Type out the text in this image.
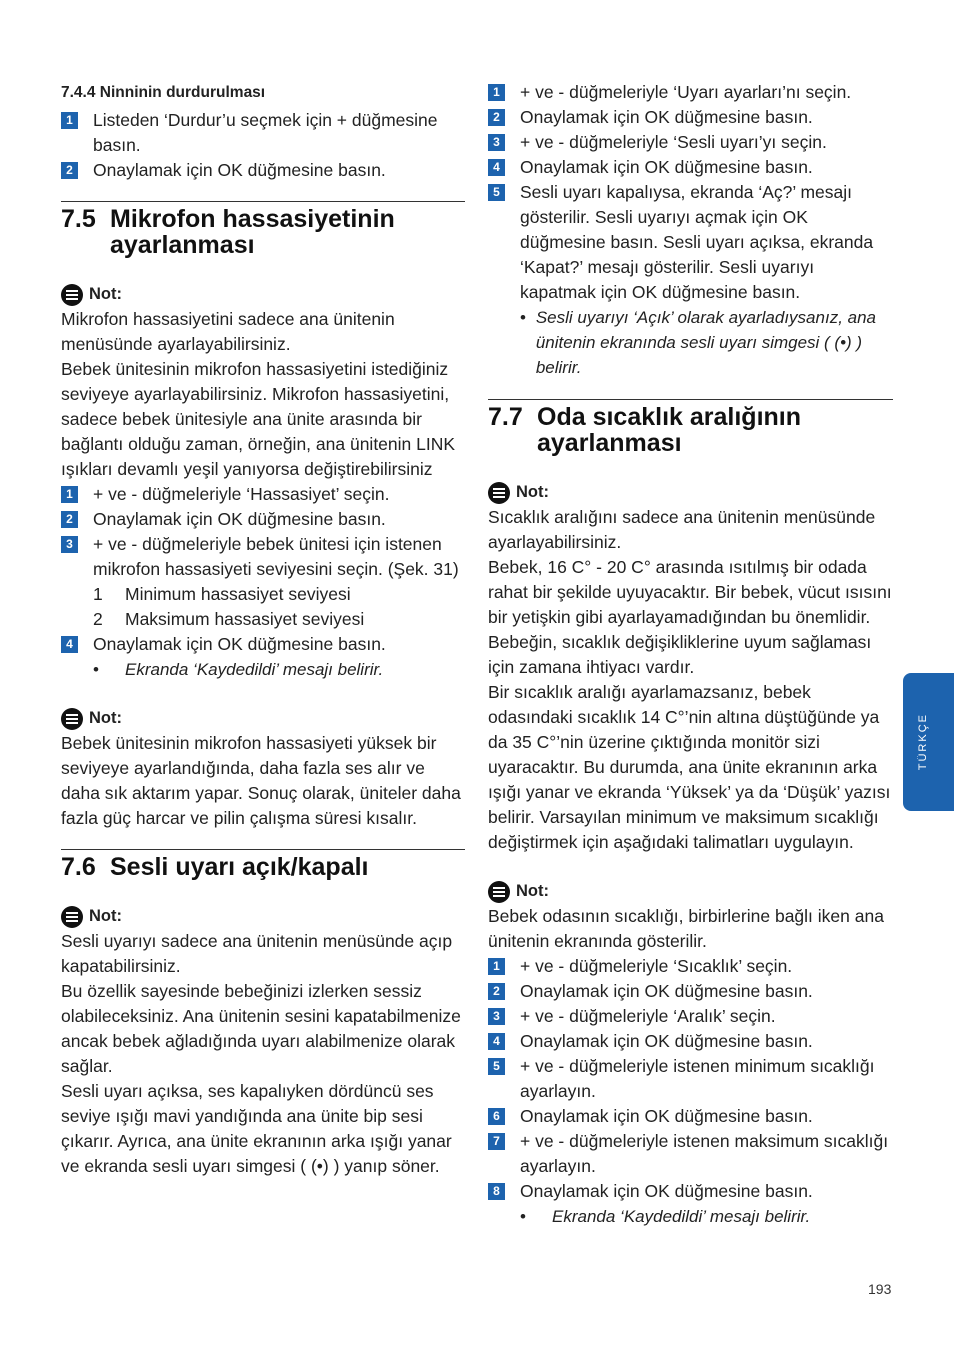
7.4.4 Ninninin durdurulması

1 Listeden ‘Durdur’u seçmek için + düğmesine basın.
2 Onaylamak için OK düğmesine basın.
7.5 Mikrofon hassasiyetinin ayarlanması
Not:

Mikrofon hassasiyetini sadece ana ünitenin menüsünde ayarlayabilirsiniz.

Bebek ünitesinin mikrofon hassasiyetini istediğiniz seviyeye ayarlayabilirsiniz. Mikrofon hassasiyetini, sadece bebek ünitesiyle ana ünite arasında bir bağlantı olduğu zaman, örneğin, ana ünitenin LINK ışıkları devamlı yeşil yanıyorsa değiştirebilirsiniz

1 + ve - düğmeleriyle ‘Hassasiyet’ seçin.
2 Onaylamak için OK düğmesine basın.
3 + ve - düğmeleriyle bebek ünitesi için istenen mikrofon hassasiyeti seviyesini seçin. (Şek. 31)
1	Minimum hassasiyet seviyesi
2	Maksimum hassasiyet seviyesi
4 Onaylamak için OK düğmesine basın.
•	Ekranda ‘Kaydedildi’ mesajı belirir.
Not:

Bebek ünitesinin mikrofon hassasiyeti yüksek bir seviyeye ayarlandığında, daha fazla ses alır ve daha sık aktarım yapar. Sonuç olarak, üniteler daha fazla güç harcar ve pilin çalışma süresi kısalır.

7.6 Sesli uyarı açık/kapalı
Not:

Sesli uyarıyı sadece ana ünitenin menüsünde açıp kapatabilirsiniz.

Bu özellik sayesinde bebeğinizi izlerken sessiz olabileceksiniz. Ana ünitenin sesini kapatabilmenize ancak bebek ağladığında uyarı alabilmenize olarak sağlar.

Sesli uyarı açıksa, ses kapalıyken dördüncü ses seviye ışığı mavi yandığında ana ünite bip sesi çıkarır. Ayrıca, ana ünite ekranının arka ışığı yanar ve ekranda sesli uyarı simgesi ( (•) ) yanıp söner.

1 + ve - düğmeleriyle ‘Uyarı ayarları’nı seçin.
2 Onaylamak için OK düğmesine basın.
3 + ve - düğmeleriyle ‘Sesli uyarı’yı seçin.
4 Onaylamak için OK düğmesine basın.
5 Sesli uyarı kapalıysa, ekranda ‘Aç?’ mesajı gösterilir. Sesli uyarıyı açmak için OK düğmesine basın. Sesli uyarı açıksa, ekranda ‘Kapat?’ mesajı gösterilir. Sesli uyarıyı kapatmak için OK düğmesine basın.
• Sesli uyarıyı ‘Açık’ olarak ayarladıysanız, ana ünitenin ekranında sesli uyarı simgesi ( (•) ) belirir.
7.7 Oda sıcaklık aralığının ayarlanması
Not:

Sıcaklık aralığını sadece ana ünitenin menüsünde ayarlayabilirsiniz.

Bebek, 16 C° - 20 C° arasında ısıtılmış bir odada rahat bir şekilde uyuyacaktır. Bir bebek, vücut ısısını bir yetişkin gibi ayarlayamadığından bu önemlidir. Bebeğin, sıcaklık değişikliklerine uyum sağlaması için zamana ihtiyacı vardır.

Bir sıcaklık aralığı ayarlamazsanız, bebek odasındaki sıcaklık 14 C°’nin altına düştüğünde ya da 35 C°’nin üzerine çıktığında monitör sizi uyaracaktır. Bu durumda, ana ünite ekranının arka ışığı yanar ve ekranda ‘Yüksek’ ya da ‘Düşük’ yazısı belirir. Varsayılan minimum ve maksimum sıcaklığı değiştirmek için aşağıdaki talimatları uygulayın.

Not:

Bebek odasının sıcaklığı, birbirlerine bağlı iken ana ünitenin ekranında gösterilir.

1 + ve - düğmeleriyle ‘Sıcaklık’ seçin.
2 Onaylamak için OK düğmesine basın.
3 + ve - düğmeleriyle ‘Aralık’ seçin.
4 Onaylamak için OK düğmesine basın.
5 + ve - düğmeleriyle istenen minimum sıcaklığı ayarlayın.
6 Onaylamak için OK düğmesine basın.
7 + ve - düğmeleriyle istenen maksimum sıcaklığı ayarlayın.
8 Onaylamak için OK düğmesine basın.
•	Ekranda ‘Kaydedildi’ mesajı belirir.
TÜRKÇE
193
